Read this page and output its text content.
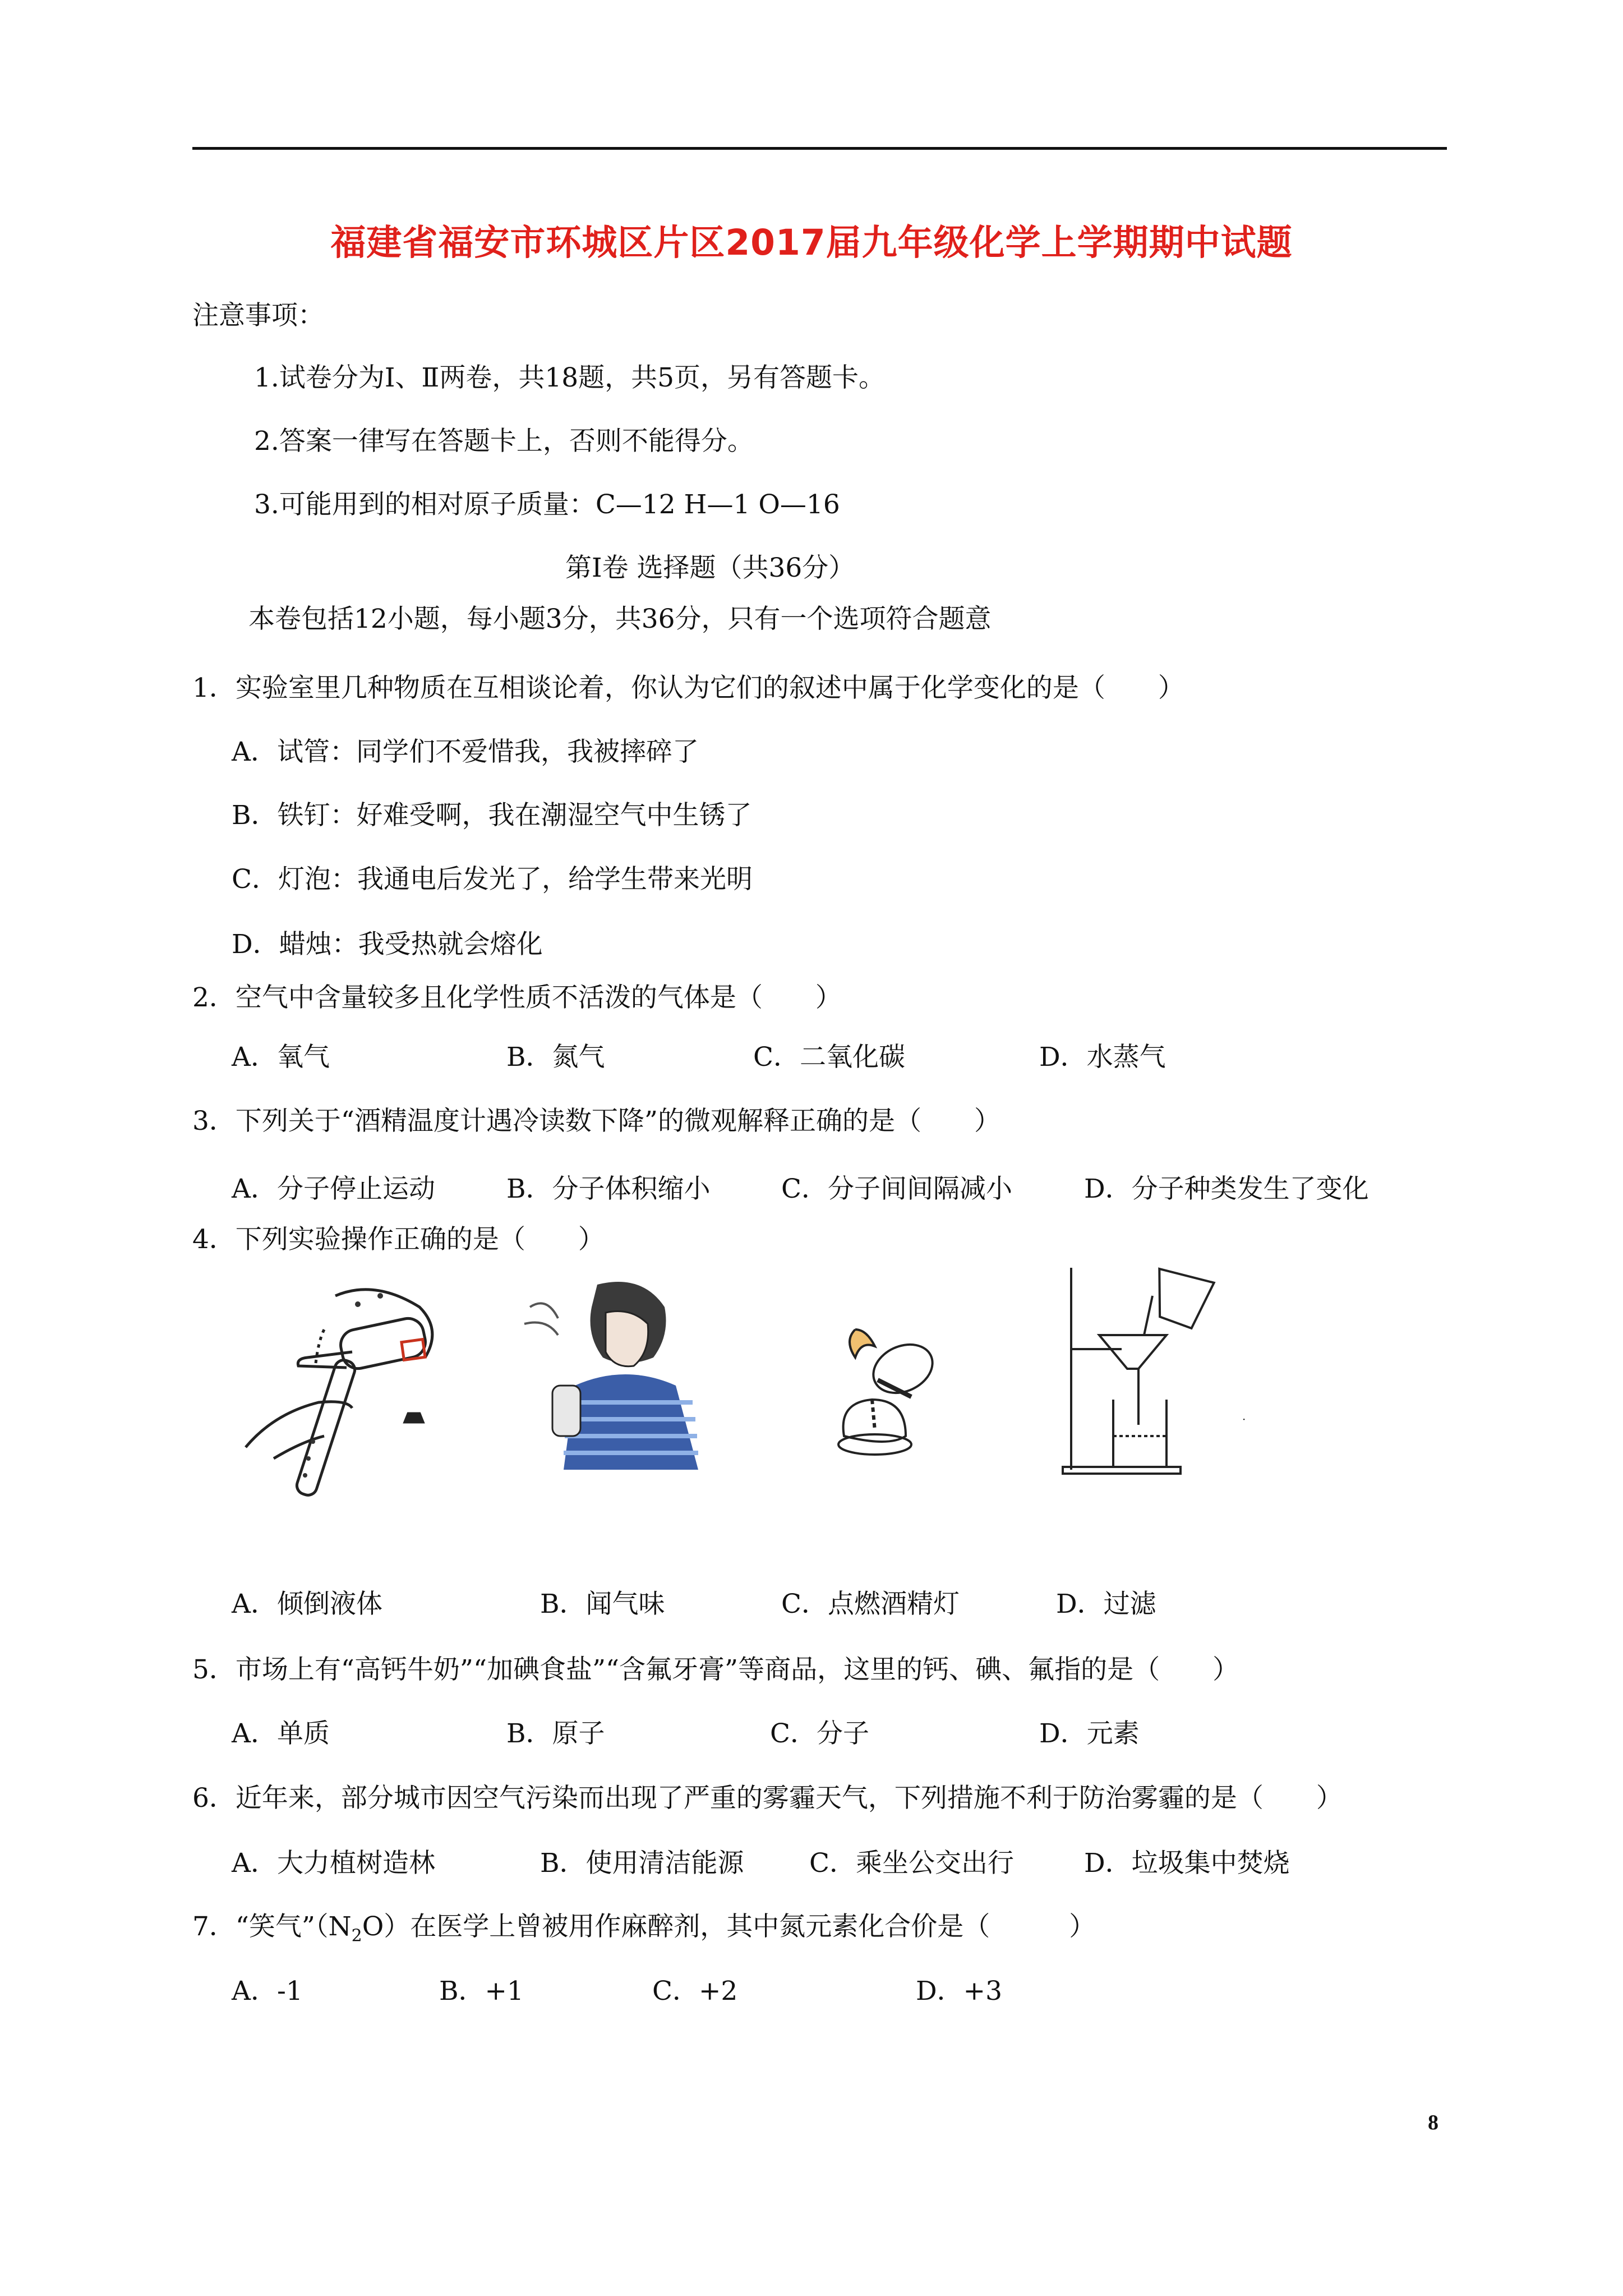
福建省福安市环城区片区2017届九年级化学上学期期中试题
注意事项：
1.试卷分为Ⅰ、Ⅱ两卷，共18题，共5页，另有答题卡。
2.答案一律写在答题卡上，否则不能得分。
3.可能用到的相对原子质量：C—12 H—1 O—16
第Ⅰ卷 选择题（共36分）
本卷包括12小题，每小题3分，共36分，只有一个选项符合题意
1．实验室里几种物质在互相谈论着，你认为它们的叙述中属于化学变化的是（　　）
A．试管：同学们不爱惜我，我被摔碎了
B．铁钉：好难受啊，我在潮湿空气中生锈了
C．灯泡：我通电后发光了，给学生带来光明
D．蜡烛：我受热就会熔化
2．空气中含量较多且化学性质不活泼的气体是（　　）
A．氧气	B．氮气	C．二氧化碳	D．水蒸气
3．下列关于“酒精温度计遇冷读数下降”的微观解释正确的是（　　）
A．分子停止运动	B．分子体积缩小	C．分子间间隔减小	D．分子种类发生了变化
4．下列实验操作正确的是（　　）
·
A．倾倒液体	B．闻气味	C．点燃酒精灯	D．过滤
5．市场上有“高钙牛奶”“加碘食盐”“含氟牙膏”等商品，这里的钙、碘、氟指的是（　　）
A．单质	B．原子	C．分子	D．元素
6．近年来，部分城市因空气污染而出现了严重的雾霾天气，下列措施不利于防治雾霾的是（　　）
A．大力植树造林	B．使用清洁能源 C．乘坐公交出行	D．垃圾集中焚烧
7．“笑气$”(N_2O)$在医学上曾被用作麻醉剂，其中氮元素化合价是（　　　）
A．-1	B．+1	C．+2	D．+3
8
